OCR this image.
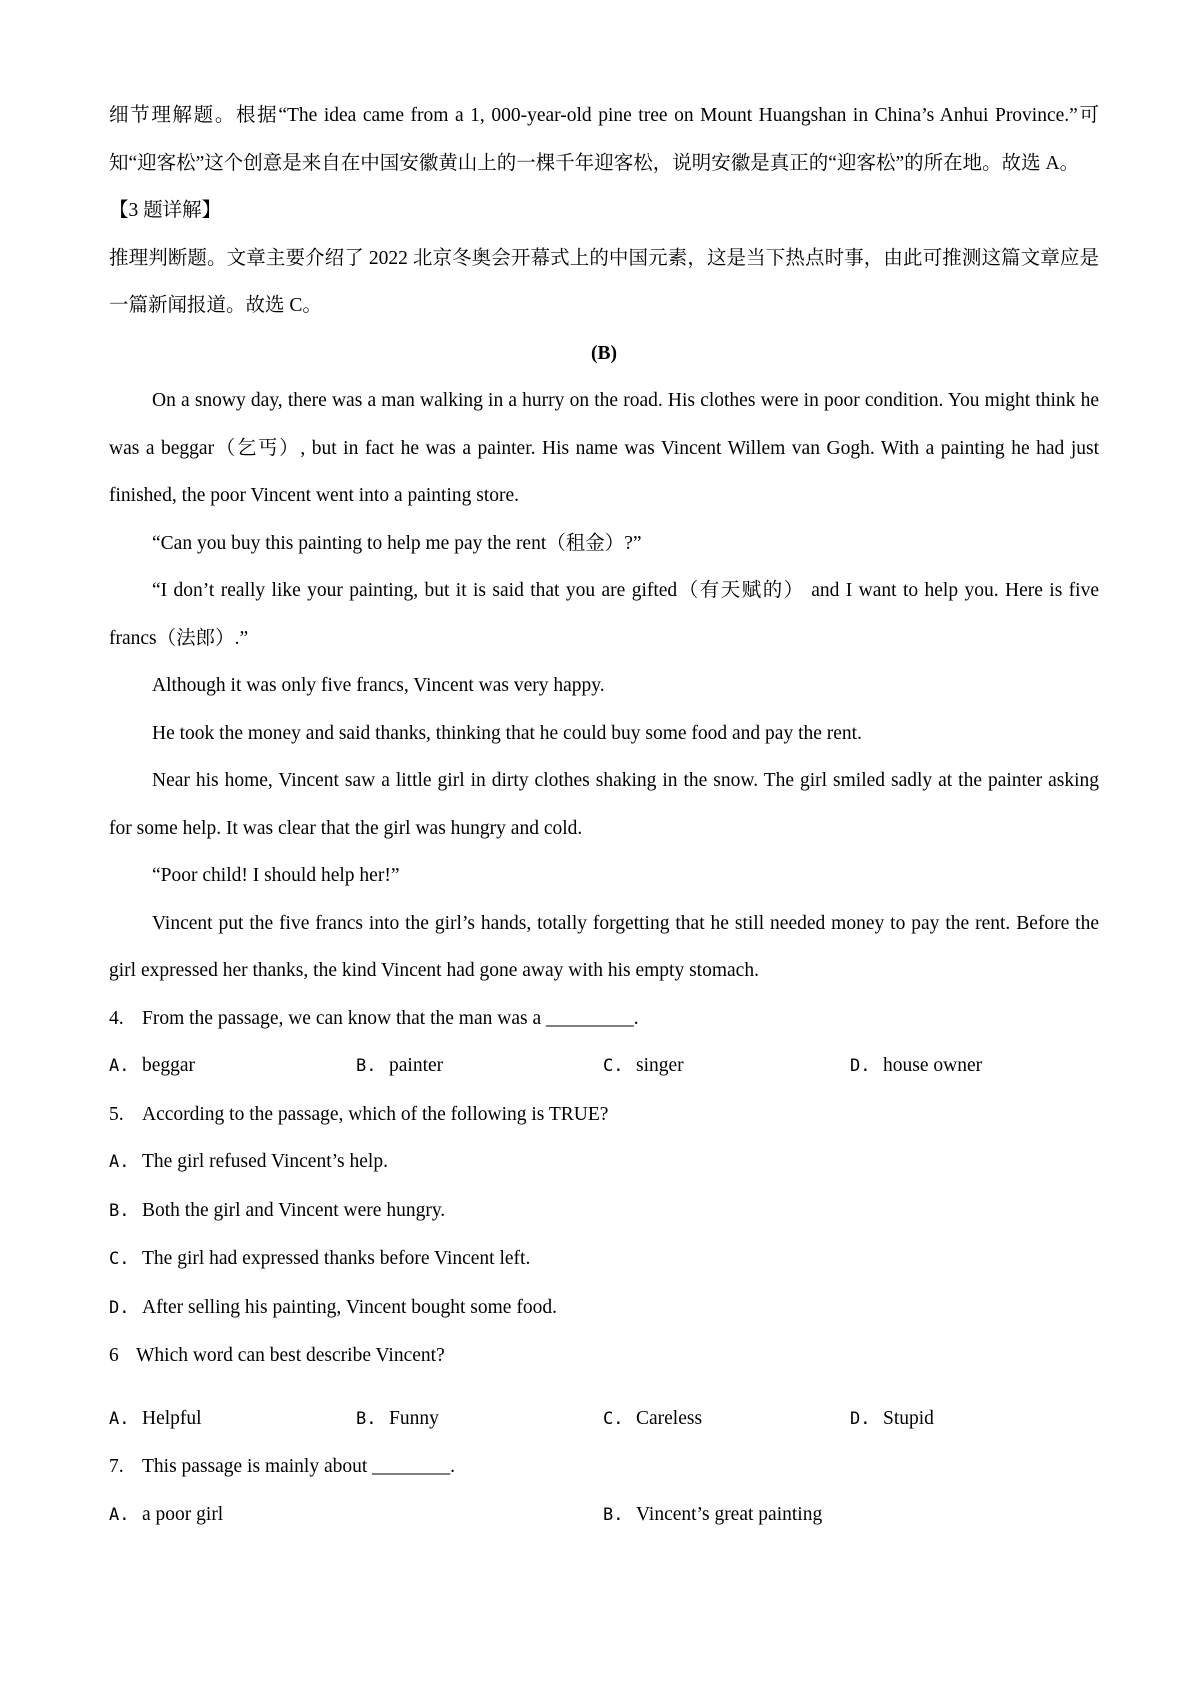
细节理解题。根据“The idea came from a 1, 000-year-old pine tree on Mount Huangshan in China’s Anhui Province.”可知“迎客松”这个创意是来自在中国安徽黄山上的一棵千年迎客松，说明安徽是真正的“迎客松”的所在地。故选 A。

【3 题详解】

推理判断题。文章主要介绍了 2022 北京冬奥会开幕式上的中国元素，这是当下热点时事，由此可推测这篇文章应是一篇新闻报道。故选 C。

(B)

On a snowy day, there was a man walking in a hurry on the road. His clothes were in poor condition. You might think he was a beggar（乞丐）, but in fact he was a painter. His name was Vincent Willem van Gogh. With a painting he had just finished, the poor Vincent went into a painting store.

“Can you buy this painting to help me pay the rent（租金）?”

“I don’t really like your painting, but it is said that you are gifted（有天赋的） and I want to help you. Here is five francs（法郎）.”

Although it was only five francs, Vincent was very happy.

He took the money and said thanks, thinking that he could buy some food and pay the rent.

Near his home, Vincent saw a little girl in dirty clothes shaking in the snow. The girl smiled sadly at the painter asking for some help. It was clear that the girl was hungry and cold.

“Poor child! I should help her!”

Vincent put the five francs into the girl’s hands, totally forgetting that he still needed money to pay the rent. Before the girl expressed her thanks, the kind Vincent had gone away with his empty stomach.

4. From the passage, we can know that the man was a _________.

A. beggar	B. painter	C. singer	D. house owner

5. According to the passage, which of the following is TRUE?

A. The girl refused Vincent’s help.

B. Both the girl and Vincent were hungry.

C. The girl had expressed thanks before Vincent left.

D. After selling his painting, Vincent bought some food.

6 Which word can best describe Vincent?

A. Helpful	B. Funny	C. Careless	D. Stupid

7. This passage is mainly about ________.

A. a poor girl	B. Vincent’s great painting
